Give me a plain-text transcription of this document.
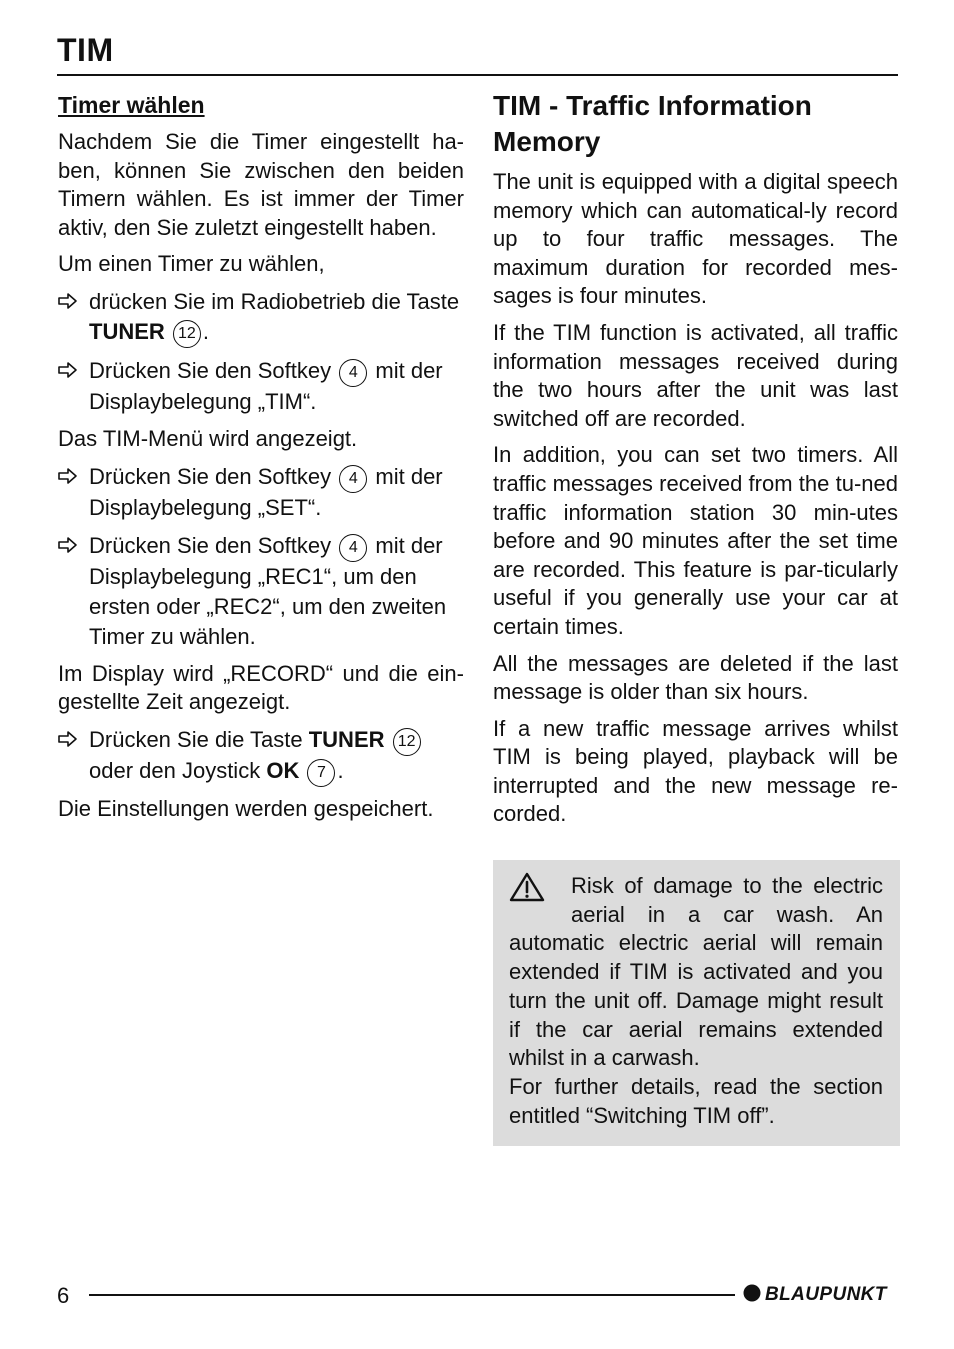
TIM
Timer wählen

Nachdem Sie die Timer eingestellt ha-ben, können Sie zwischen den beiden Timern wählen. Es ist immer der Timer aktiv, den Sie zuletzt eingestellt haben.

Um einen Timer zu wählen,

drücken Sie im Radiobetrieb die Taste TUNER 12 .
Drücken Sie den Softkey 4 mit der Displaybelegung „TIM“.

Das TIM-Menü wird angezeigt.

Drücken Sie den Softkey 4 mit der Displaybelegung „SET“.
Drücken Sie den Softkey 4 mit der Displaybelegung „REC1“, um den ersten oder „REC2“, um den zweiten Timer zu wählen.

Im Display wird „RECORD“ und die ein-gestellte Zeit angezeigt.

Drücken Sie die Taste TUNER 12 oder den Joystick OK 7 .

Die Einstellungen werden gespeichert.

TIM - Traffic Information Memory

The unit is equipped with a digital speech memory which can automatical-ly record up to four traffic messages. The maximum duration for recorded mes-sages is four minutes.

If the TIM function is activated, all traffic information messages received during the two hours after the unit was last switched off are recorded.

In addition, you can set two timers. All traffic messages received from the tu-ned traffic information station 30 min-utes before and 90 minutes after the set time are recorded. This feature is par-ticularly useful if you generally use your car at certain times.

All the messages are deleted if the last message is older than six hours.

If a new traffic message arrives whilst TIM is being played, playback will be interrupted and the new message re-corded.

Risk of damage to the electric aerial in a car wash. An automatic electric aerial will remain extended if TIM is activated and you turn the unit off. Damage might result if the car aerial remains extended whilst in a carwash.

For further details, read the section entitled “Switching TIM off”.

6	BLAUPUNKT
